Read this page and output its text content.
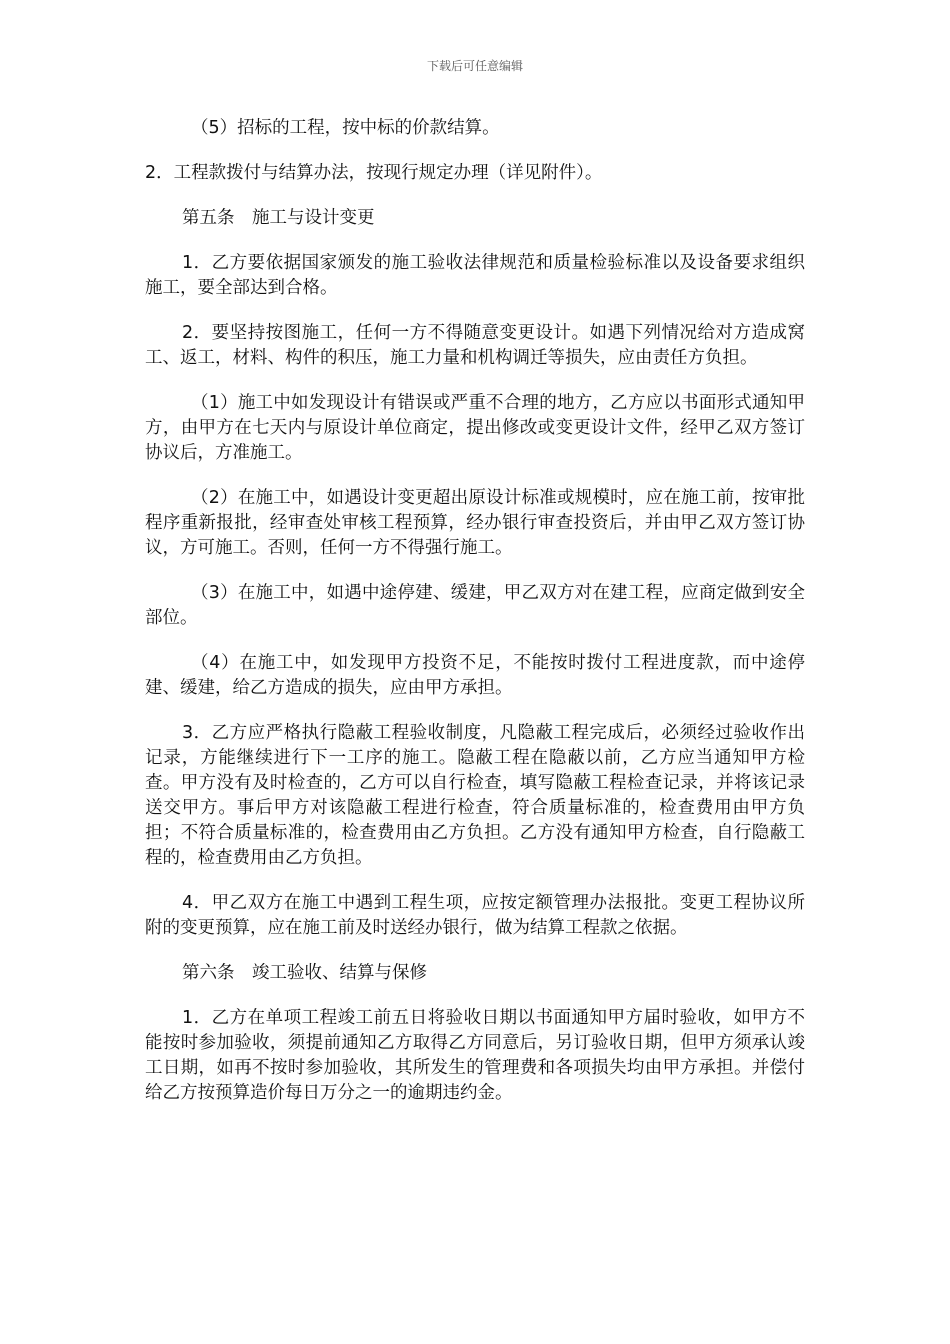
下载后可任意编辑

（5）招标的工程，按中标的价款结算。

2．工程款拨付与结算办法，按现行规定办理（详见附件）。

第五条　施工与设计变更

1．乙方要依据国家颁发的施工验收法律规范和质量检验标准以及设备要求组织施工，要全部达到合格。

2．要坚持按图施工，任何一方不得随意变更设计。如遇下列情况给对方造成窝工、返工，材料、构件的积压，施工力量和机构调迁等损失，应由责任方负担。

（1）施工中如发现设计有错误或严重不合理的地方，乙方应以书面形式通知甲方，由甲方在七天内与原设计单位商定，提出修改或变更设计文件，经甲乙双方签订协议后，方准施工。

（2）在施工中，如遇设计变更超出原设计标准或规模时，应在施工前，按审批程序重新报批，经审查处审核工程预算，经办银行审查投资后，并由甲乙双方签订协议，方可施工。否则，任何一方不得强行施工。

（3）在施工中，如遇中途停建、缓建，甲乙双方对在建工程，应商定做到安全部位。

（4）在施工中，如发现甲方投资不足，不能按时拨付工程进度款，而中途停建、缓建，给乙方造成的损失，应由甲方承担。

3．乙方应严格执行隐蔽工程验收制度，凡隐蔽工程完成后，必须经过验收作出记录，方能继续进行下一工序的施工。隐蔽工程在隐蔽以前，乙方应当通知甲方检查。甲方没有及时检查的，乙方可以自行检查，填写隐蔽工程检查记录，并将该记录送交甲方。事后甲方对该隐蔽工程进行检查，符合质量标准的，检查费用由甲方负担；不符合质量标准的，检查费用由乙方负担。乙方没有通知甲方检查，自行隐蔽工程的，检查费用由乙方负担。

4．甲乙双方在施工中遇到工程生项，应按定额管理办法报批。变更工程协议所附的变更预算，应在施工前及时送经办银行，做为结算工程款之依据。

第六条　竣工验收、结算与保修

1．乙方在单项工程竣工前五日将验收日期以书面通知甲方届时验收，如甲方不能按时参加验收，须提前通知乙方取得乙方同意后，另订验收日期，但甲方须承认竣工日期，如再不按时参加验收，其所发生的管理费和各项损失均由甲方承担。并偿付给乙方按预算造价每日万分之一的逾期违约金。
